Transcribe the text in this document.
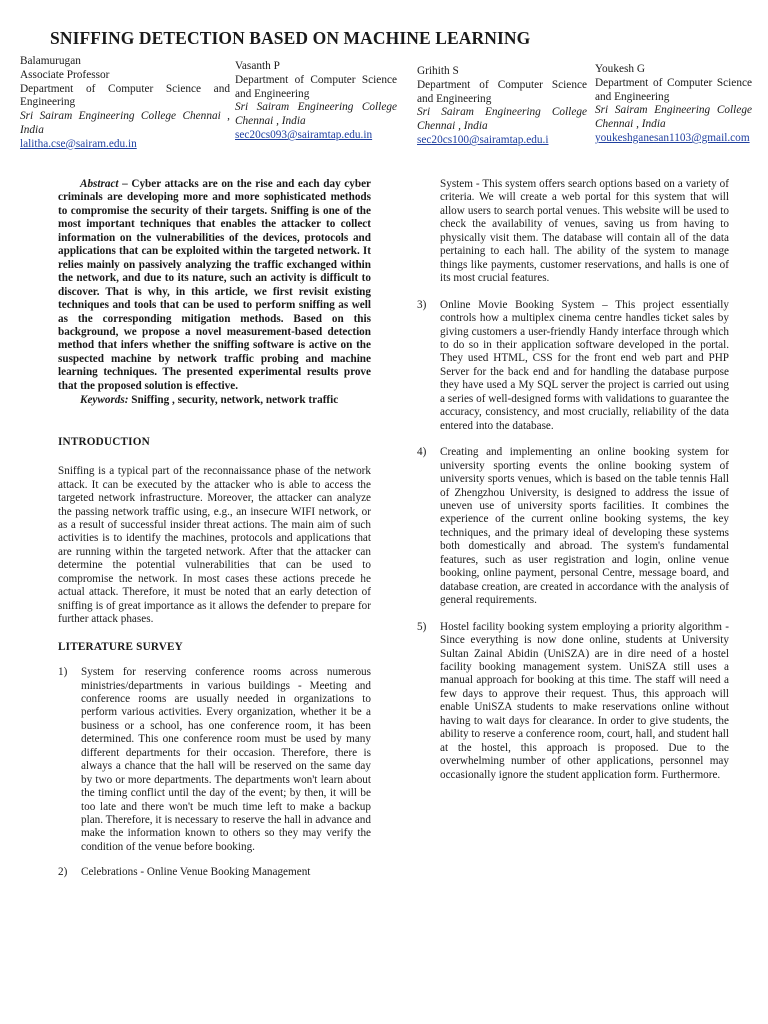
SNIFFING DETECTION BASED ON MACHINE LEARNING
Balamurugan
Associate Professor
Department of Computer Science and Engineering
Sri Sairam Engineering College Chennai , India
lalitha.cse@sairam.edu.in
Vasanth P
Department of Computer Science and Engineering
Sri Sairam Engineering College Chennai , India
sec20cs093@sairamtap.edu.in
Grihith S
Department of Computer Science and Engineering
Sri Sairam Engineering College Chennai , India
sec20cs100@sairamtap.edu.i
Youkesh G
Department of Computer Science and Engineering
Sri Sairam Engineering College Chennai , India
youkeshganesan1103@gmail.com

Abstract – Cyber attacks are on the rise and each day cyber criminals are developing more and more sophisticated methods to compromise the security of their targets. Sniffing is one of the most important techniques that enables the attacker to collect information on the vulnerabilities of the devices, protocols and applications that can be exploited within the targeted network. It relies mainly on passively analyzing the traffic exchanged within the network, and due to its nature, such an activity is difficult to discover. That is why, in this article, we first revisit existing techniques and tools that can be used to perform sniffing as well as the corresponding mitigation methods. Based on this background, we propose a novel measurement-based detection method that infers whether the sniffing software is active on the suspected machine by network traffic probing and machine learning techniques. The presented experimental results prove that the proposed solution is effective.

Keywords: Sniffing , security, network, network traffic

INTRODUCTION

Sniffing is a typical part of the reconnaissance phase of the network attack. It can be executed by the attacker who is able to access the targeted network infrastructure. Moreover, the attacker can analyze the passing network traffic using, e.g., an insecure WIFI network, or as a result of successful insider threat actions. The main aim of such activities is to identify the machines, protocols and applications that are running within the targeted network. After that the attacker can determine the potential vulnerabilities that can be used to compromise the network. In most cases these actions precede he actual attack. Therefore, it must be noted that an early detection of sniffing is of great importance as it allows the defender to prepare for further attack phases.

LITERATURE SURVEY
1) System for reserving conference rooms across numerous ministries/departments in various buildings - Meeting and conference rooms are usually needed in organizations to perform various activities. Every organization, whether it be a business or a school, has one conference room, it has been determined. This one conference room must be used by many different departments for their occasion. Therefore, there is always a chance that the hall will be reserved on the same day by two or more departments. The departments won't learn about the timing conflict until the day of the event; by then, it will be too late and there won't be much time left to make a backup plan. Therefore, it is necessary to reserve the hall in advance and make the information known to others so they may verify the condition of the venue before booking.
2) Celebrations - Online Venue Booking Management

System - This system offers search options based on a variety of criteria. We will create a web portal for this system that will allow users to search portal venues. This website will be used to check the availability of venues, saving us from having to physically visit them. The database will contain all of the data pertaining to each hall. The ability of the system to manage things like payments, customer reservations, and halls is one of its most crucial features.

3) Online Movie Booking System – This project essentially controls how a multiplex cinema centre handles ticket sales by giving customers a user-friendly Handy interface through which to do so in their application software developed in the portal. They used HTML, CSS for the front end web part and PHP Server for the back end and for handling the database purpose they have used a My SQL server the project is carried out using a series of well-designed forms with validations to guarantee the accuracy, consistency, and most crucially, reliability of the data entered into the database.
4) Creating and implementing an online booking system for university sporting events the online booking system of university sports venues, which is based on the table tennis Hall of Zhengzhou University, is designed to address the issue of uneven use of university sports facilities. It combines the experience of the current online booking systems, the key techniques, and the primary ideal of developing these systems both domestically and abroad. The system's fundamental features, such as user registration and login, online venue booking, online payment, personal Centre, message board, and database creation, are created in accordance with the analysis of general requirements.
5) Hostel facility booking system employing a priority algorithm - Since everything is now done online, students at University Sultan Zainal Abidin (UniSZA) are in dire need of a hostel facility booking management system. UniSZA still uses a manual approach for booking at this time. The staff will need a few days to approve their request. Thus, this approach will enable UniSZA students to make reservations online without having to wait days for clearance. In order to give students, the ability to reserve a conference room, court, hall, and student hall at the hostel, this approach is proposed. Due to the overwhelming number of other applications, personnel may occasionally ignore the student application form. Furthermore.
